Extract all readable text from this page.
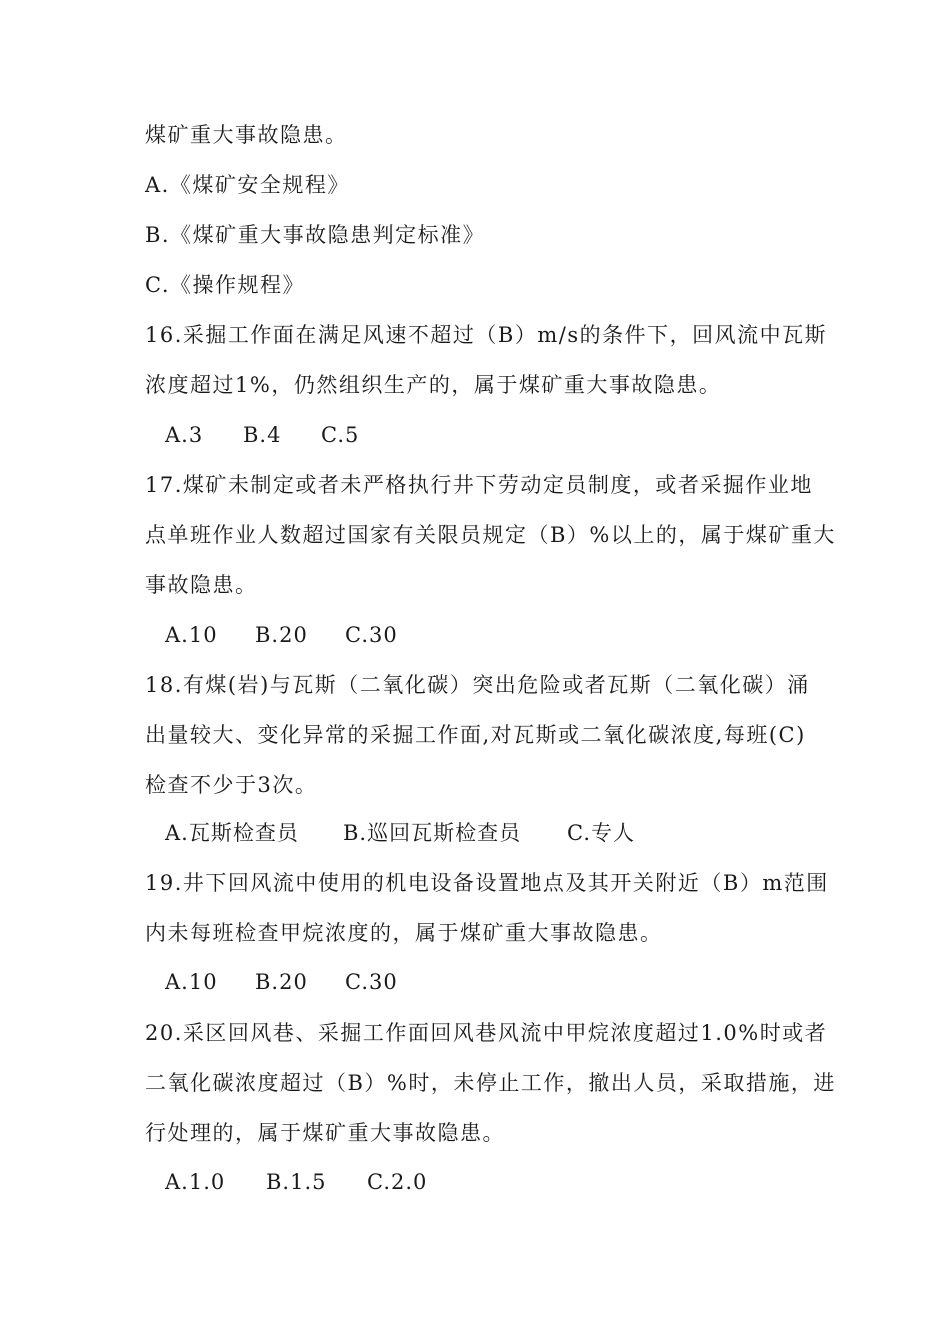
煤矿重大事故隐患。
A.《煤矿安全规程》
B.《煤矿重大事故隐患判定标准》
C.《操作规程》
16.采掘工作面在满足风速不超过（B）m/s的条件下，回风流中瓦斯
浓度超过1%，仍然组织生产的，属于煤矿重大事故隐患。
A.3 B.4 C.5
17.煤矿未制定或者未严格执行井下劳动定员制度，或者采掘作业地
点单班作业人数超过国家有关限员规定（B）%以上的，属于煤矿重大
事故隐患。
A.10 B.20 C.30
18.有煤(岩)与瓦斯（二氧化碳）突出危险或者瓦斯（二氧化碳）涌
出量较大、变化异常的采掘工作面,对瓦斯或二氧化碳浓度,每班(C)
检查不少于3次。
A.瓦斯检查员 B.巡回瓦斯检查员 C.专人
19.井下回风流中使用的机电设备设置地点及其开关附近（B）m范围
内未每班检查甲烷浓度的，属于煤矿重大事故隐患。
A.10 B.20 C.30
20.采区回风巷、采掘工作面回风巷风流中甲烷浓度超过1.0%时或者
二氧化碳浓度超过（B）%时，未停止工作，撤出人员，采取措施，进
行处理的，属于煤矿重大事故隐患。
A.1.0 B.1.5 C.2.0
